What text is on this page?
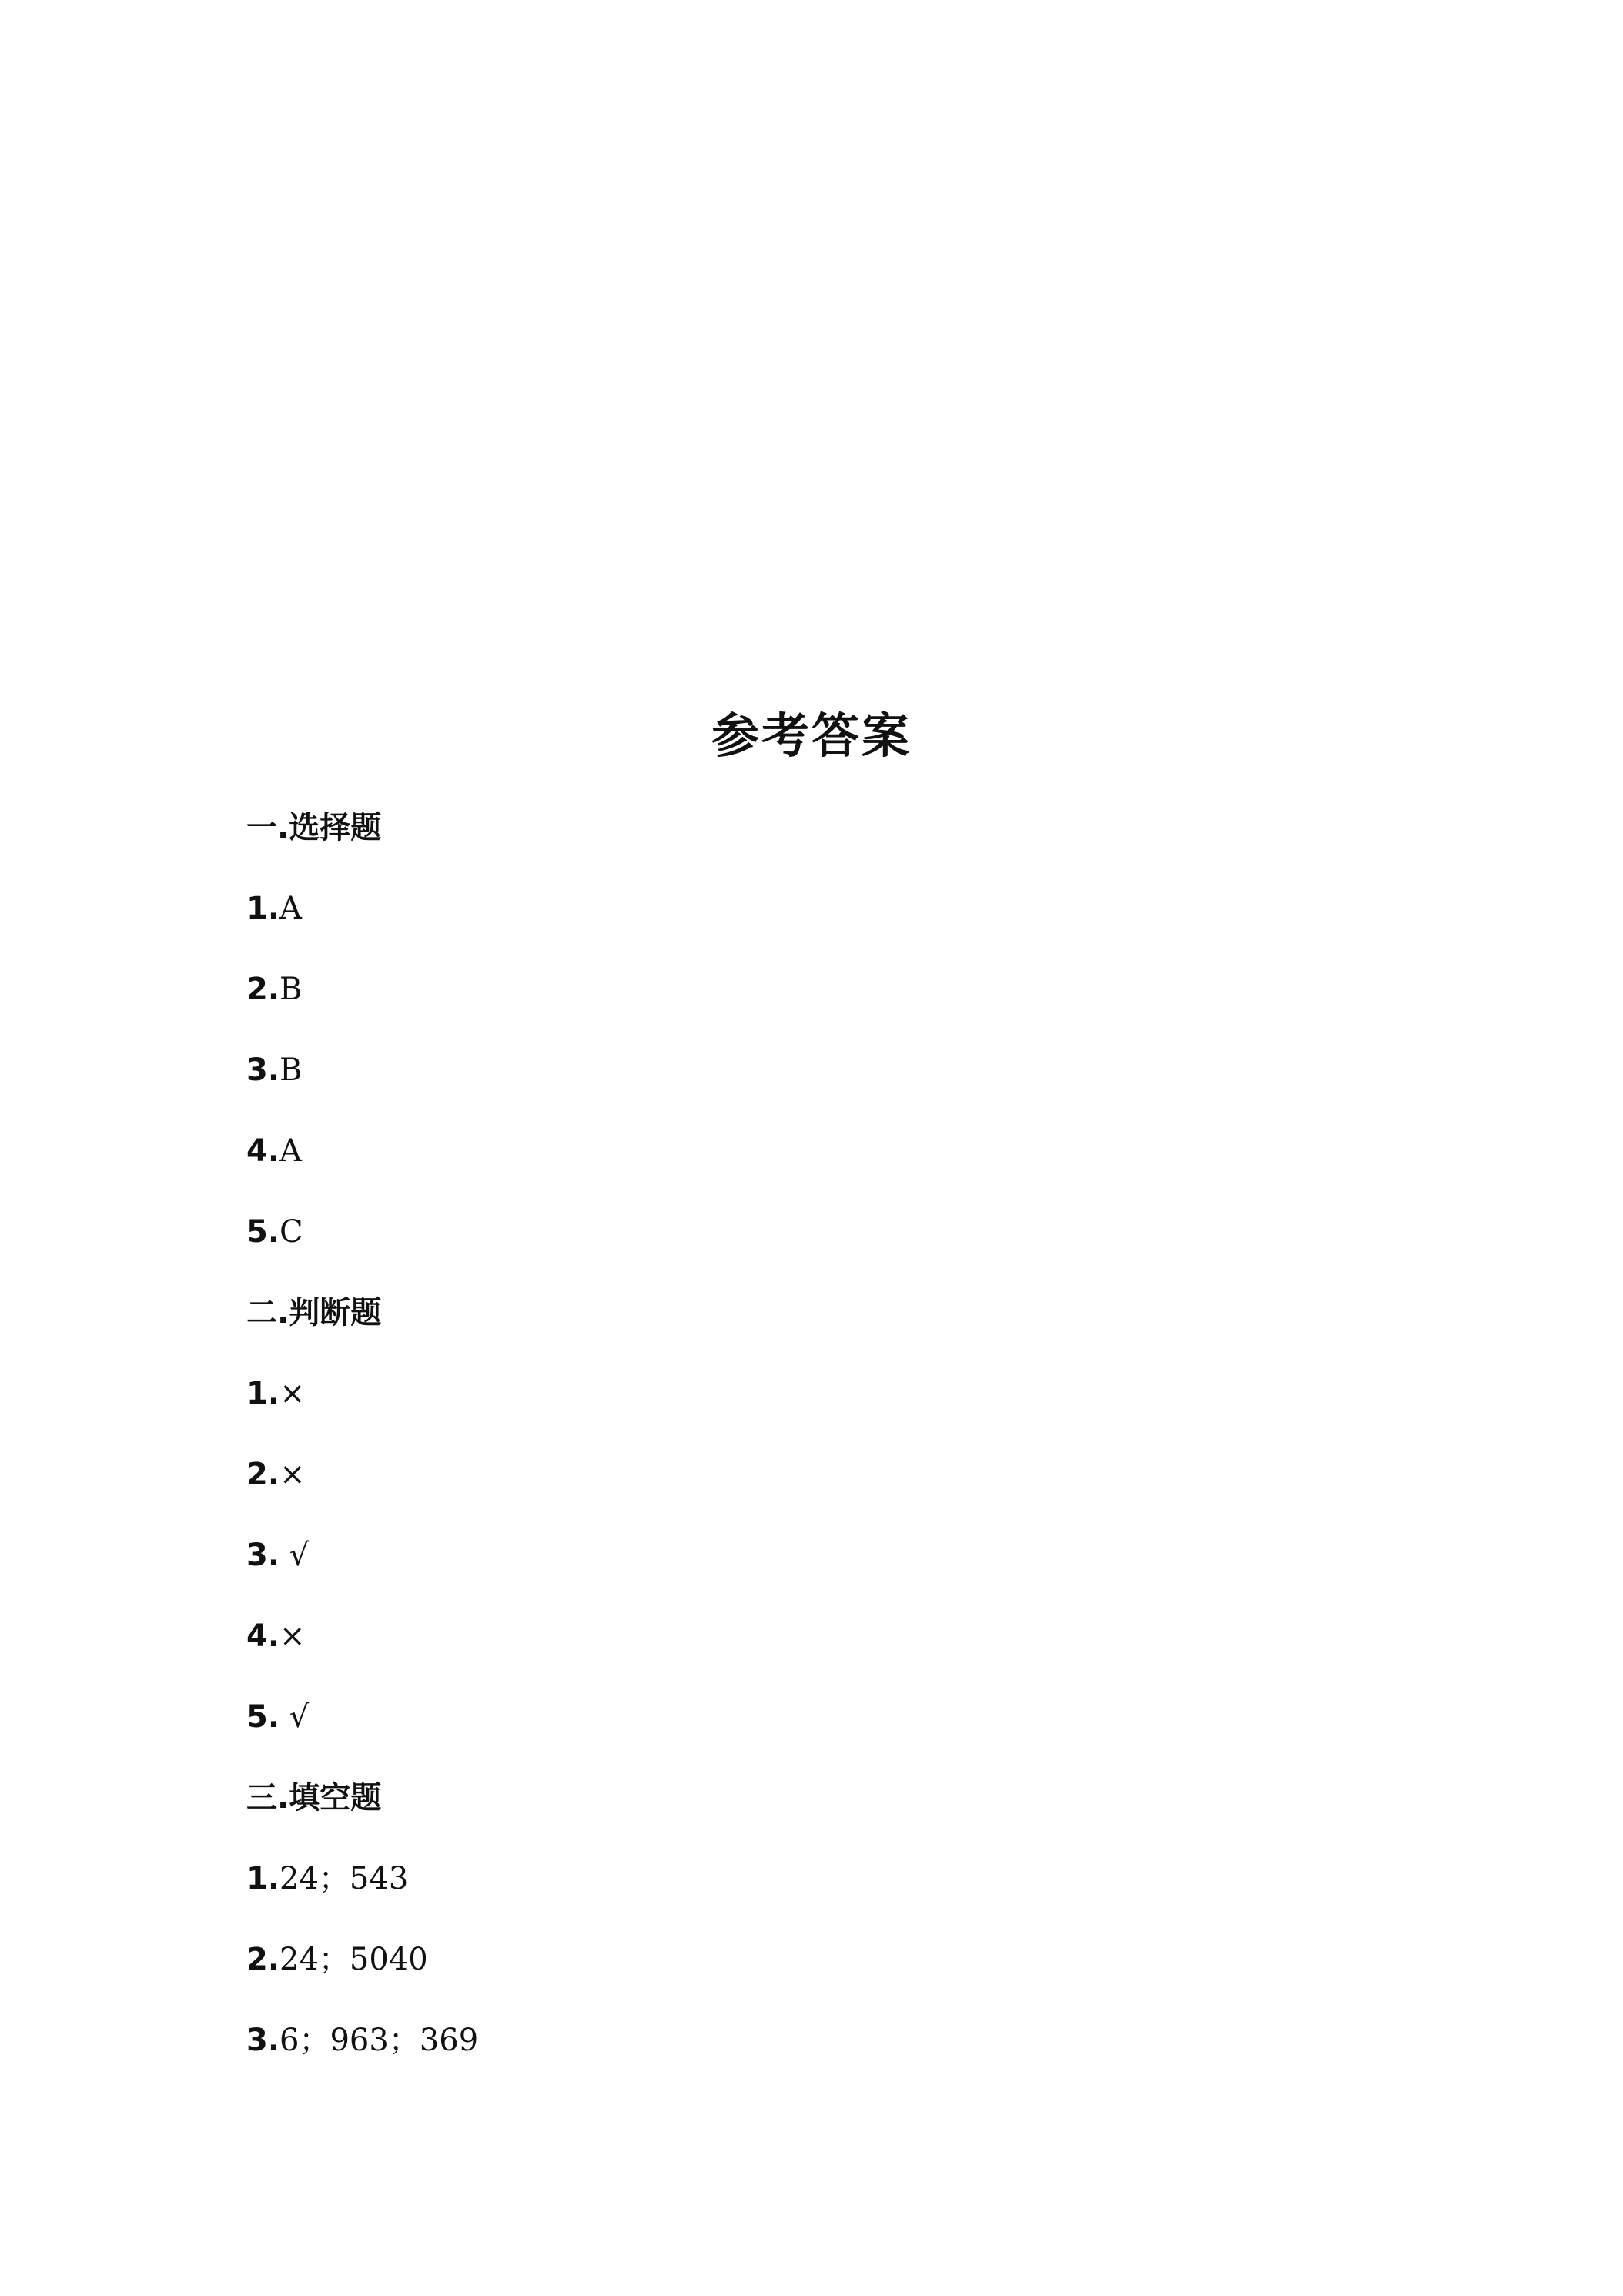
参考答案
一.选择题
1.A
2.B
3.B
4.A
5.C
二.判断题
1.×
2.×
3. √
4.×
5. √
三.填空题
1.24；543
2.24；5040
3.6；963；369
